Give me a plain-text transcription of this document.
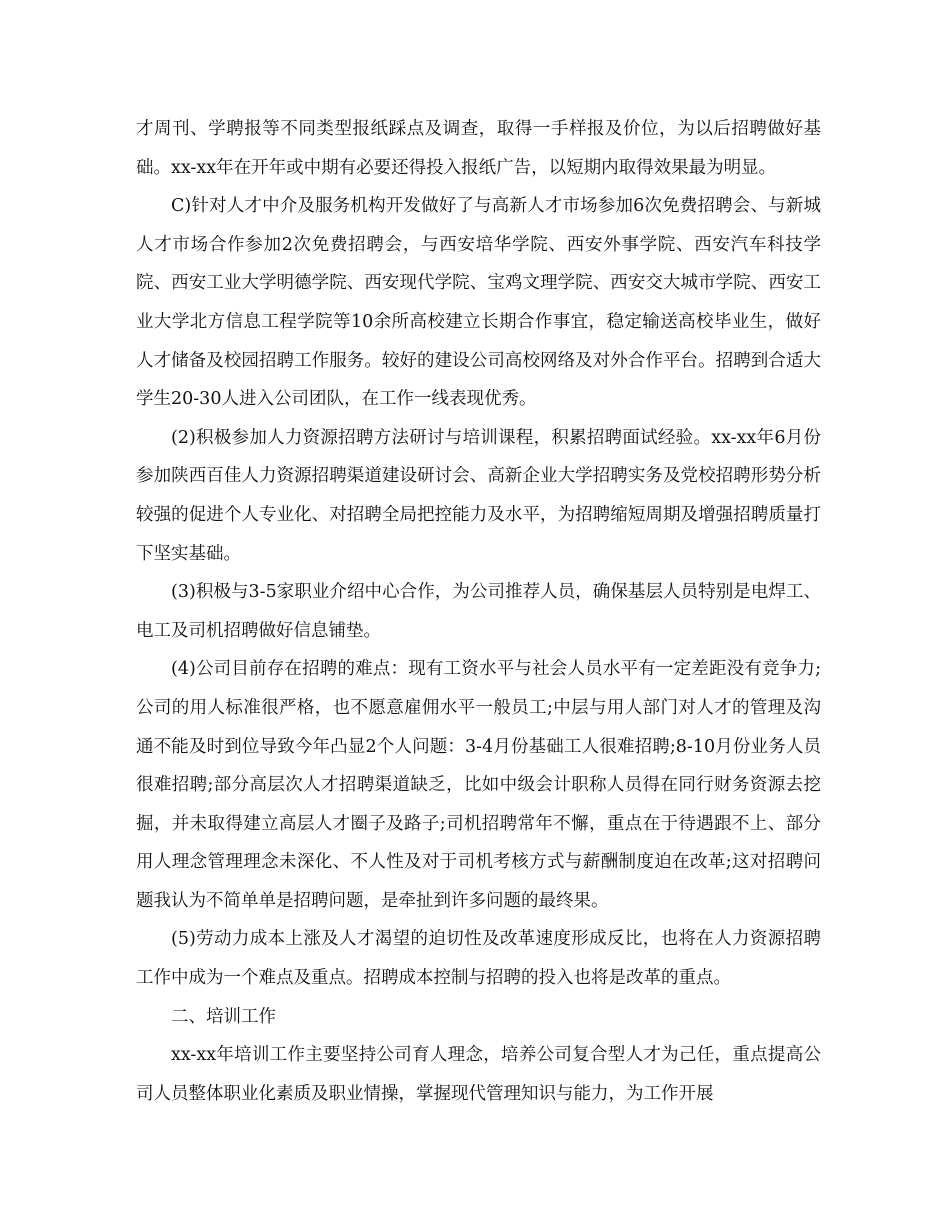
才周刊、学聘报等不同类型报纸踩点及调查，取得一手样报及价位，为以后招聘做好基础。xx-xx年在开年或中期有必要还得投入报纸广告，以短期内取得效果最为明显。

C)针对人才中介及服务机构开发做好了与高新人才市场参加6次免费招聘会、与新城人才市场合作参加2次免费招聘会，与西安培华学院、西安外事学院、西安汽车科技学院、西安工业大学明德学院、西安现代学院、宝鸡文理学院、西安交大城市学院、西安工业大学北方信息工程学院等10余所高校建立长期合作事宜，稳定输送高校毕业生，做好人才储备及校园招聘工作服务。较好的建设公司高校网络及对外合作平台。招聘到合适大学生20-30人进入公司团队，在工作一线表现优秀。

(2)积极参加人力资源招聘方法研讨与培训课程，积累招聘面试经验。xx-xx年6月份参加陕西百佳人力资源招聘渠道建设研讨会、高新企业大学招聘实务及党校招聘形势分析较强的促进个人专业化、对招聘全局把控能力及水平，为招聘缩短周期及增强招聘质量打下坚实基础。

(3)积极与3-5家职业介绍中心合作，为公司推荐人员，确保基层人员特别是电焊工、电工及司机招聘做好信息铺垫。

(4)公司目前存在招聘的难点：现有工资水平与社会人员水平有一定差距没有竞争力;公司的用人标准很严格，也不愿意雇佣水平一般员工;中层与用人部门对人才的管理及沟通不能及时到位导致今年凸显2个人问题：3-4月份基础工人很难招聘;8-10月份业务人员很难招聘;部分高层次人才招聘渠道缺乏，比如中级会计职称人员得在同行财务资源去挖掘，并未取得建立高层人才圈子及路子;司机招聘常年不懈，重点在于待遇跟不上、部分用人理念管理理念未深化、不人性及对于司机考核方式与薪酬制度迫在改革;这对招聘问题我认为不简单单是招聘问题，是牵扯到许多问题的最终果。

(5)劳动力成本上涨及人才渴望的迫切性及改革速度形成反比，也将在人力资源招聘工作中成为一个难点及重点。招聘成本控制与招聘的投入也将是改革的重点。

二、培训工作

xx-xx年培训工作主要坚持公司育人理念，培养公司复合型人才为己任，重点提高公司人员整体职业化素质及职业情操，掌握现代管理知识与能力，为工作开展
